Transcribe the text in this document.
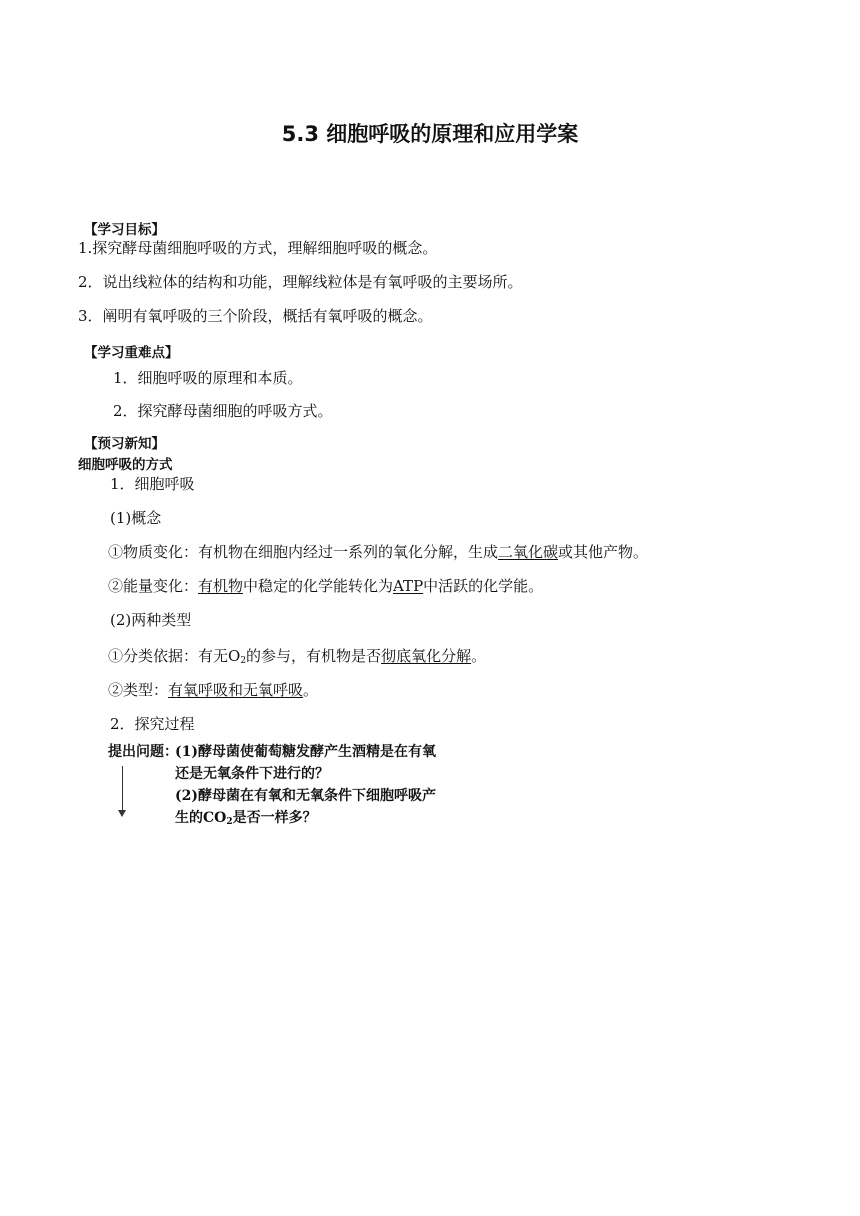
5.3 细胞呼吸的原理和应用学案
【学习目标】
1.探究酵母菌细胞呼吸的方式，理解细胞呼吸的概念。
2．说出线粒体的结构和功能，理解线粒体是有氧呼吸的主要场所。
3．阐明有氧呼吸的三个阶段，概括有氧呼吸的概念。
【学习重难点】
1．细胞呼吸的原理和本质。
2．探究酵母菌细胞的呼吸方式。
【预习新知】
细胞呼吸的方式
1．细胞呼吸
(1)概念
①物质变化：有机物在细胞内经过一系列的氧化分解，生成二氧化碳或其他产物。
②能量变化：有机物中稳定的化学能转化为ATP中活跃的化学能。
(2)两种类型
①分类依据：有无$O_2$的参与，有机物是否彻底氧化分解。
②类型：有氧呼吸和无氧呼吸。
2．探究过程
提出问题：
(1)酵母菌使葡萄糖发酵产生酒精是在有氧
还是无氧条件下进行的？
(2)酵母菌在有氧和无氧条件下细胞呼吸产
生的$CO_2$是否一样多？
